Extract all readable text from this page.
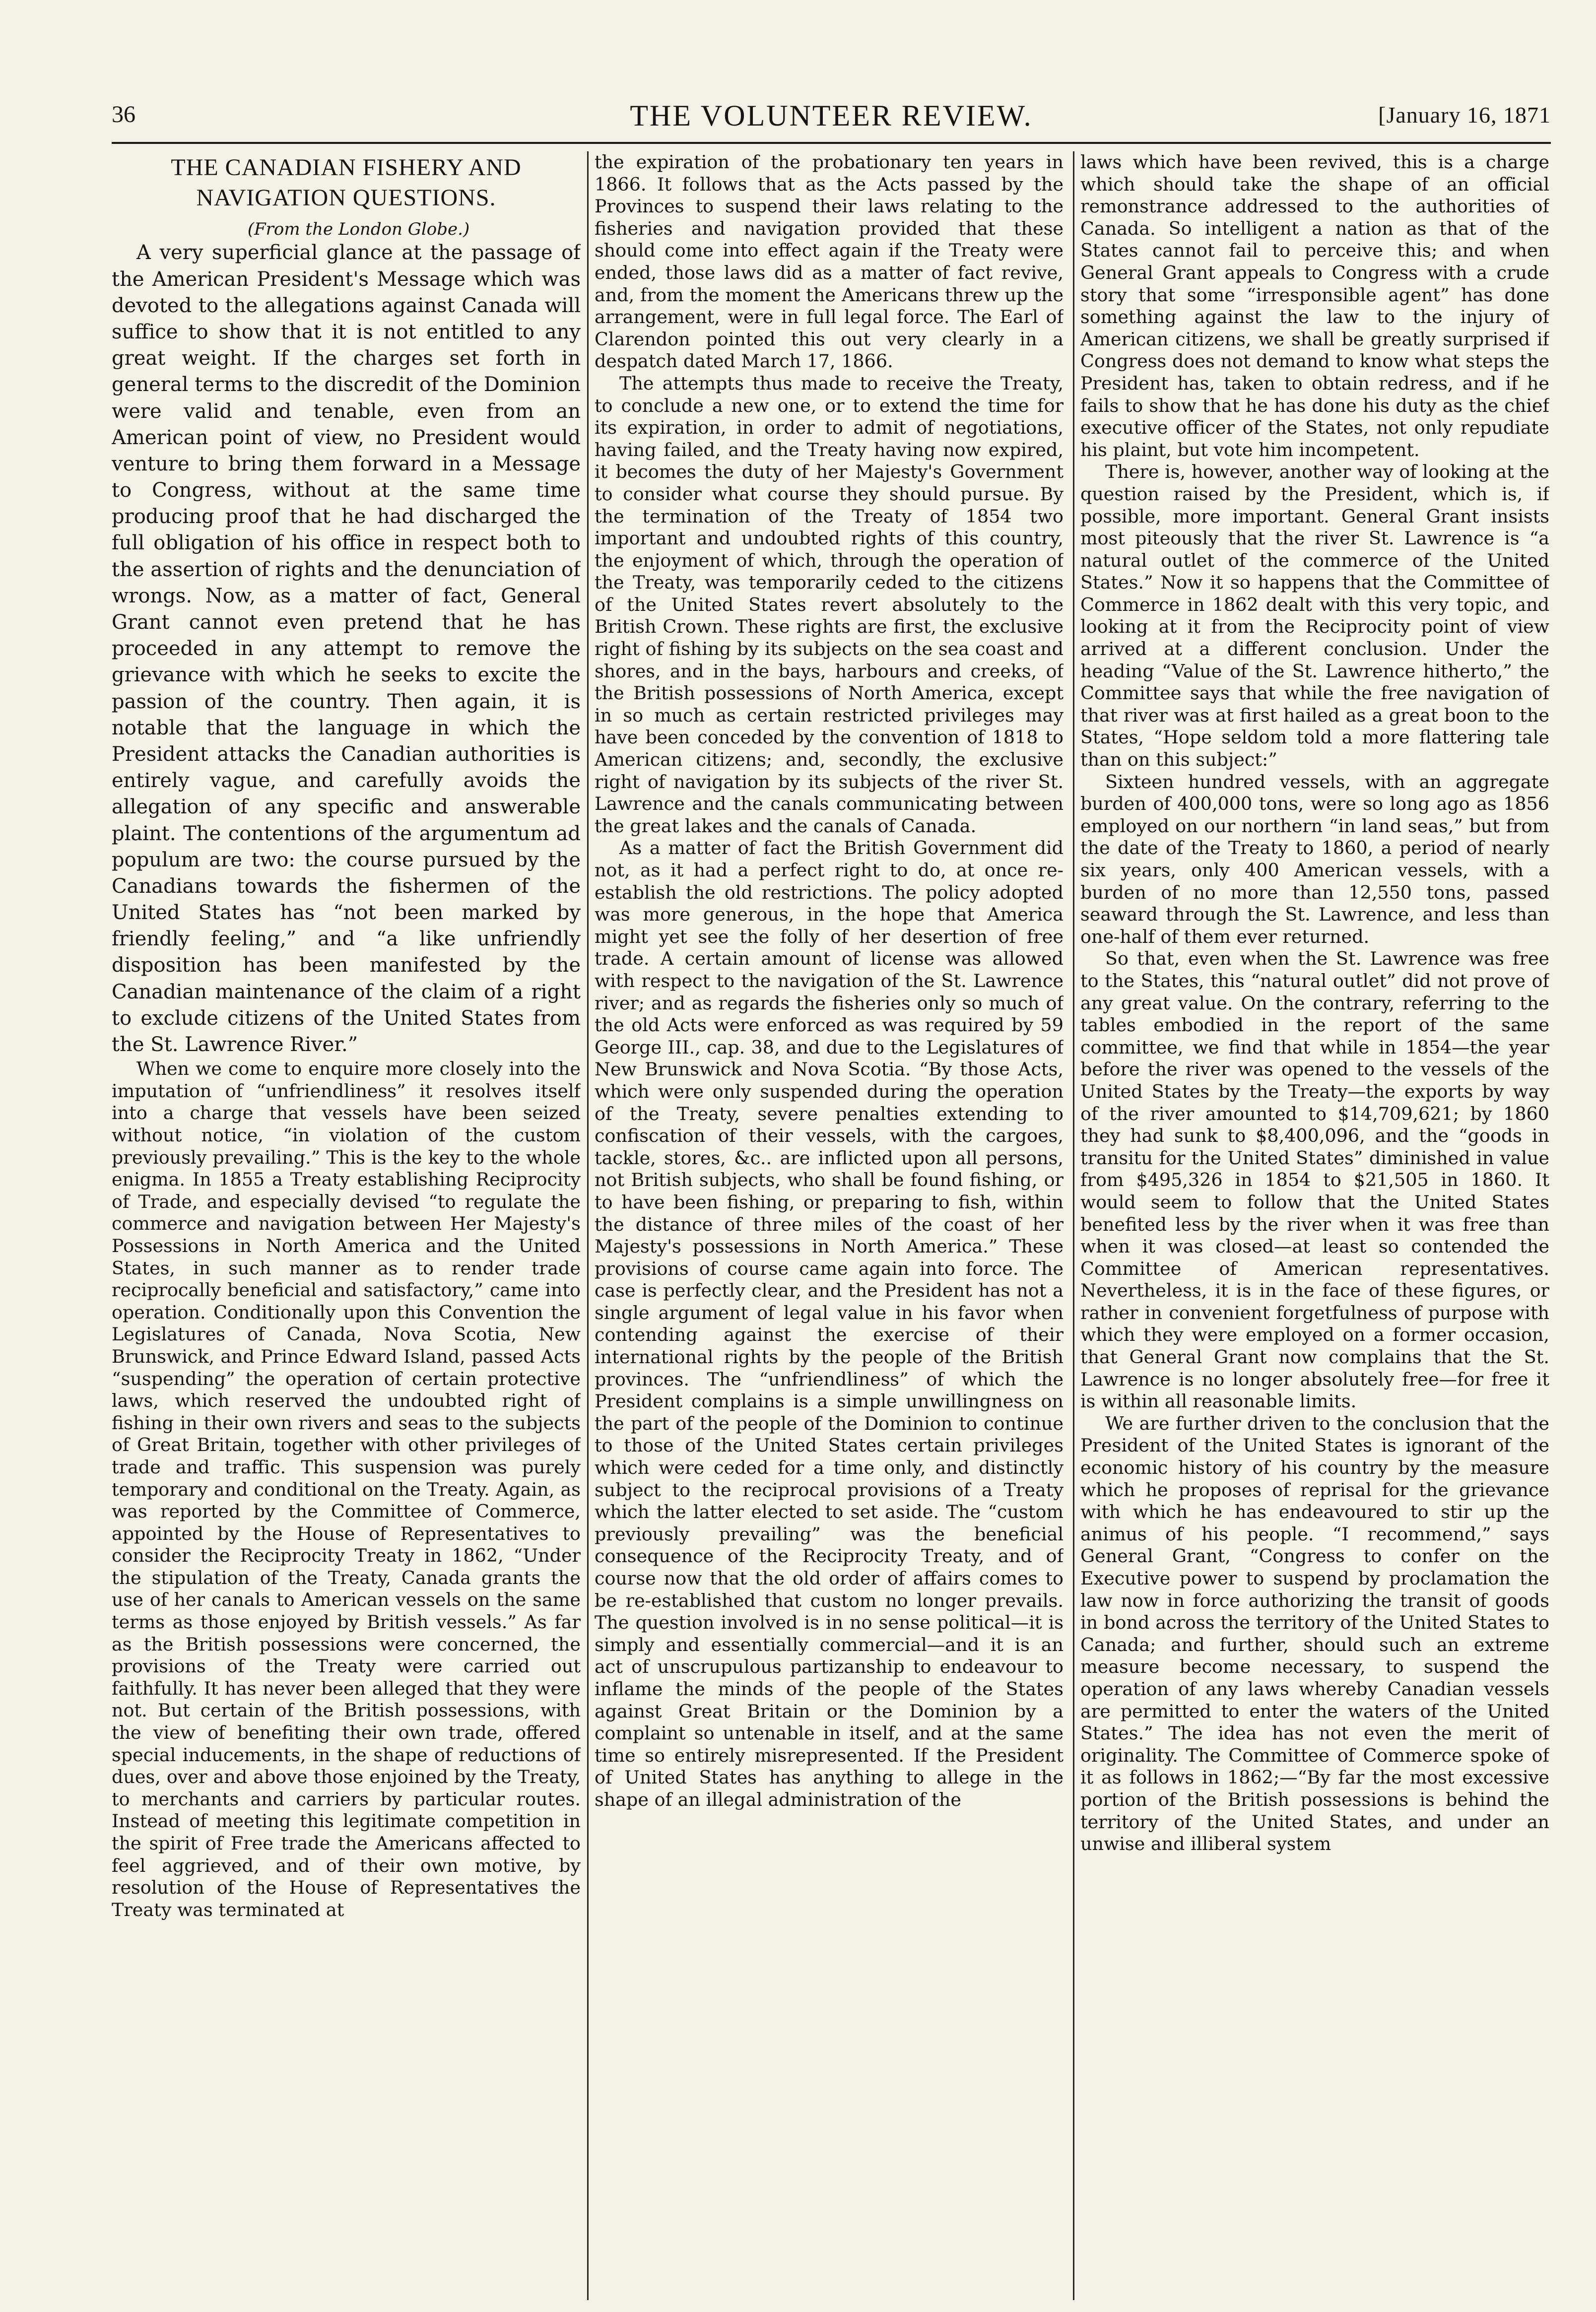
36	THE VOLUNTEER REVIEW.	[January 16, 1871
THE CANADIAN FISHERY AND NAVIGATION QUESTIONS.

(From the London Globe.)

A very superficial glance at the passage of the American President's Message which was devoted to the allegations against Canada will suffice to show that it is not entitled to any great weight. If the charges set forth in general terms to the discredit of the Dominion were valid and tenable, even from an American point of view, no President would venture to bring them forward in a Message to Congress, without at the same time producing proof that he had discharged the full obligation of his office in respect both to the assertion of rights and the denunciation of wrongs. Now, as a matter of fact, General Grant cannot even pretend that he has proceeded in any attempt to remove the grievance with which he seeks to excite the passion of the country. Then again, it is notable that the language in which the President attacks the Canadian authorities is entirely vague, and carefully avoids the allegation of any specific and answerable plaint. The contentions of the argumentum ad populum are two: the course pursued by the Canadians towards the fishermen of the United States has “not been marked by friendly feeling,” and “a like unfriendly disposition has been manifested by the Canadian maintenance of the claim of a right to exclude citizens of the United States from the St. Lawrence River.”

When we come to enquire more closely into the imputation of “unfriendliness” it resolves itself into a charge that vessels have been seized without notice, “in violation of the custom previously prevailing.” This is the key to the whole enigma. In 1855 a Treaty establishing Reciprocity of Trade, and especially devised “to regulate the commerce and navigation between Her Majesty's Possessions in North America and the United States, in such manner as to render trade reciprocally beneficial and satisfactory,” came into operation. Conditionally upon this Convention the Legislatures of Canada, Nova Scotia, New Brunswick, and Prince Edward Island, passed Acts “suspending” the operation of certain protective laws, which reserved the undoubted right of fishing in their own rivers and seas to the subjects of Great Britain, together with other privileges of trade and traffic. This suspension was purely temporary and conditional on the Treaty. Again, as was reported by the Committee of Commerce, appointed by the House of Representatives to consider the Reciprocity Treaty in 1862, “Under the stipulation of the Treaty, Canada grants the use of her canals to American vessels on the same terms as those enjoyed by British vessels.” As far as the British possessions were concerned, the provisions of the Treaty were carried out faithfully. It has never been alleged that they were not. But certain of the British possessions, with the view of benefiting their own trade, offered special inducements, in the shape of reductions of dues, over and above those enjoined by the Treaty, to merchants and carriers by particular routes. Instead of meeting this legitimate competition in the spirit of Free trade the Americans affected to feel aggrieved, and of their own motive, by resolution of the House of Representatives the Treaty was terminated at

the expiration of the probationary ten years in 1866. It follows that as the Acts passed by the Provinces to suspend their laws relating to the fisheries and navigation provided that these should come into effect again if the Treaty were ended, those laws did as a matter of fact revive, and, from the moment the Americans threw up the arrangement, were in full legal force. The Earl of Clarendon pointed this out very clearly in a despatch dated March 17, 1866.

The attempts thus made to receive the Treaty, to conclude a new one, or to extend the time for its expiration, in order to admit of negotiations, having failed, and the Treaty having now expired, it becomes the duty of her Majesty's Government to consider what course they should pursue. By the termination of the Treaty of 1854 two important and undoubted rights of this country, the enjoyment of which, through the operation of the Treaty, was temporarily ceded to the citizens of the United States revert absolutely to the British Crown. These rights are first, the exclusive right of fishing by its subjects on the sea coast and shores, and in the bays, harbours and creeks, of the British possessions of North America, except in so much as certain restricted privileges may have been conceded by the convention of 1818 to American citizens; and, secondly, the exclusive right of navigation by its subjects of the river St. Lawrence and the canals communicating between the great lakes and the canals of Canada.

As a matter of fact the British Government did not, as it had a perfect right to do, at once re-establish the old restrictions. The policy adopted was more generous, in the hope that America might yet see the folly of her desertion of free trade. A certain amount of license was allowed with respect to the navigation of the St. Lawrence river; and as regards the fisheries only so much of the old Acts were enforced as was required by 59 George III., cap. 38, and due to the Legislatures of New Brunswick and Nova Scotia. “By those Acts, which were only suspended during the operation of the Treaty, severe penalties extending to confiscation of their vessels, with the cargoes, tackle, stores, &c.. are inflicted upon all persons, not British subjects, who shall be found fishing, or to have been fishing, or preparing to fish, within the distance of three miles of the coast of her Majesty's possessions in North America.” These provisions of course came again into force. The case is perfectly clear, and the President has not a single argument of legal value in his favor when contending against the exercise of their international rights by the people of the British provinces. The “unfriendliness” of which the President complains is a simple unwillingness on the part of the people of the Dominion to continue to those of the United States certain privileges which were ceded for a time only, and distinctly subject to the reciprocal provisions of a Treaty which the latter elected to set aside. The “custom previously prevailing” was the beneficial consequence of the Reciprocity Treaty, and of course now that the old order of affairs comes to be re-established that custom no longer prevails. The question involved is in no sense political—it is simply and essentially commercial—and it is an act of unscrupulous partizanship to endeavour to inflame the minds of the people of the States against Great Britain or the Dominion by a complaint so untenable in itself, and at the same time so entirely misrepresented. If the President of United States has anything to allege in the shape of an illegal administration of the

laws which have been revived, this is a charge which should take the shape of an official remonstrance addressed to the authorities of Canada. So intelligent a nation as that of the States cannot fail to perceive this; and when General Grant appeals to Congress with a crude story that some “irresponsible agent” has done something against the law to the injury of American citizens, we shall be greatly surprised if Congress does not demand to know what steps the President has, taken to obtain redress, and if he fails to show that he has done his duty as the chief executive officer of the States, not only repudiate his plaint, but vote him incompetent.

There is, however, another way of looking at the question raised by the President, which is, if possible, more important. General Grant insists most piteously that the river St. Lawrence is “a natural outlet of the commerce of the United States.” Now it so happens that the Committee of Commerce in 1862 dealt with this very topic, and looking at it from the Reciprocity point of view arrived at a different conclusion. Under the heading “Value of the St. Lawrence hitherto,” the Committee says that while the free navigation of that river was at first hailed as a great boon to the States, “Hope seldom told a more flattering tale than on this subject:”

Sixteen hundred vessels, with an aggregate burden of 400,000 tons, were so long ago as 1856 employed on our northern “in land seas,” but from the date of the Treaty to 1860, a period of nearly six years, only 400 American vessels, with a burden of no more than 12,550 tons, passed seaward through the St. Lawrence, and less than one-half of them ever returned.

So that, even when the St. Lawrence was free to the States, this “natural outlet” did not prove of any great value. On the contrary, referring to the tables embodied in the report of the same committee, we find that while in 1854—the year before the river was opened to the vessels of the United States by the Treaty—the exports by way of the river amounted to $14,709,621; by 1860 they had sunk to $8,400,096, and the “goods in transitu for the United States” diminished in value from $495,326 in 1854 to $21,505 in 1860. It would seem to follow that the United States benefited less by the river when it was free than when it was closed—at least so contended the Committee of American representatives. Nevertheless, it is in the face of these figures, or rather in convenient forgetfulness of purpose with which they were employed on a former occasion, that General Grant now complains that the St. Lawrence is no longer absolutely free—for free it is within all reasonable limits.

We are further driven to the conclusion that the President of the United States is ignorant of the economic history of his country by the measure which he proposes of reprisal for the grievance with which he has endeavoured to stir up the animus of his people. “I recommend,” says General Grant, “Congress to confer on the Executive power to suspend by proclamation the law now in force authorizing the transit of goods in bond across the territory of the United States to Canada; and further, should such an extreme measure become necessary, to suspend the operation of any laws whereby Canadian vessels are permitted to enter the waters of the United States.” The idea has not even the merit of originality. The Committee of Commerce spoke of it as follows in 1862;—“By far the most excessive portion of the British possessions is behind the territory of the United States, and under an unwise and illiberal system
